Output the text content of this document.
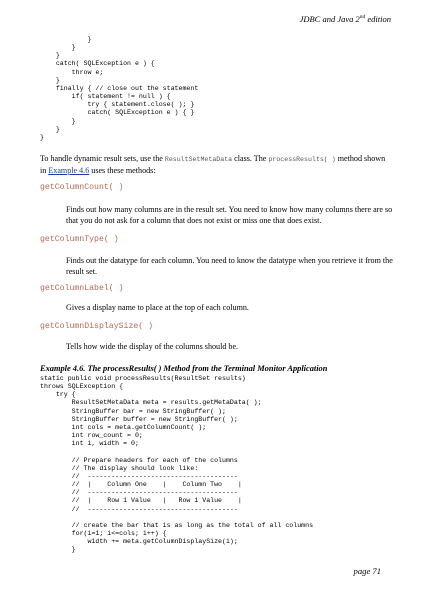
JDBC and Java 2nd edition
}
}
}
catch( SQLException e ) {
throw e;
}
finally { // close out the statement
if( statement != null ) {
try { statement.close( ); }
catch( SQLException e ) { }
}
}
}
To handle dynamic result sets, use the ResultSetMetaData class. The processResults( ) method shown in Example 4.6 uses these methods:
getColumnCount( )
Finds out how many columns are in the result set. You need to know how many columns there are so that you do not ask for a column that does not exist or miss one that does exist.
getColumnType( )
Finds out the datatype for each column. You need to know the datatype when you retrieve it from the result set.
getColumnLabel( )
Gives a display name to place at the top of each column.
getColumnDisplaySize( )
Tells how wide the display of the columns should be.
Example 4.6. The processResults( ) Method from the Terminal Monitor Application
static public void processResults(ResultSet results)
throws SQLException {
try {
ResultSetMetaData meta = results.getMetaData( );
StringBuffer bar = new StringBuffer( );
StringBuffer buffer = new StringBuffer( );
int cols = meta.getColumnCount( );
int row_count = 0;
int i, width = 0;

// Prepare headers for each of the columns
// The display should look like:
//  --------------------------------------
//  |    Column One    |    Column Two    |
//  --------------------------------------
//  |    Row 1 Value   |   Row 1 Value    |
//  --------------------------------------

// create the bar that is as long as the total of all columns
for(i=1; i<=cols; i++) {
width += meta.getColumnDisplaySize(i);
}
page 71
